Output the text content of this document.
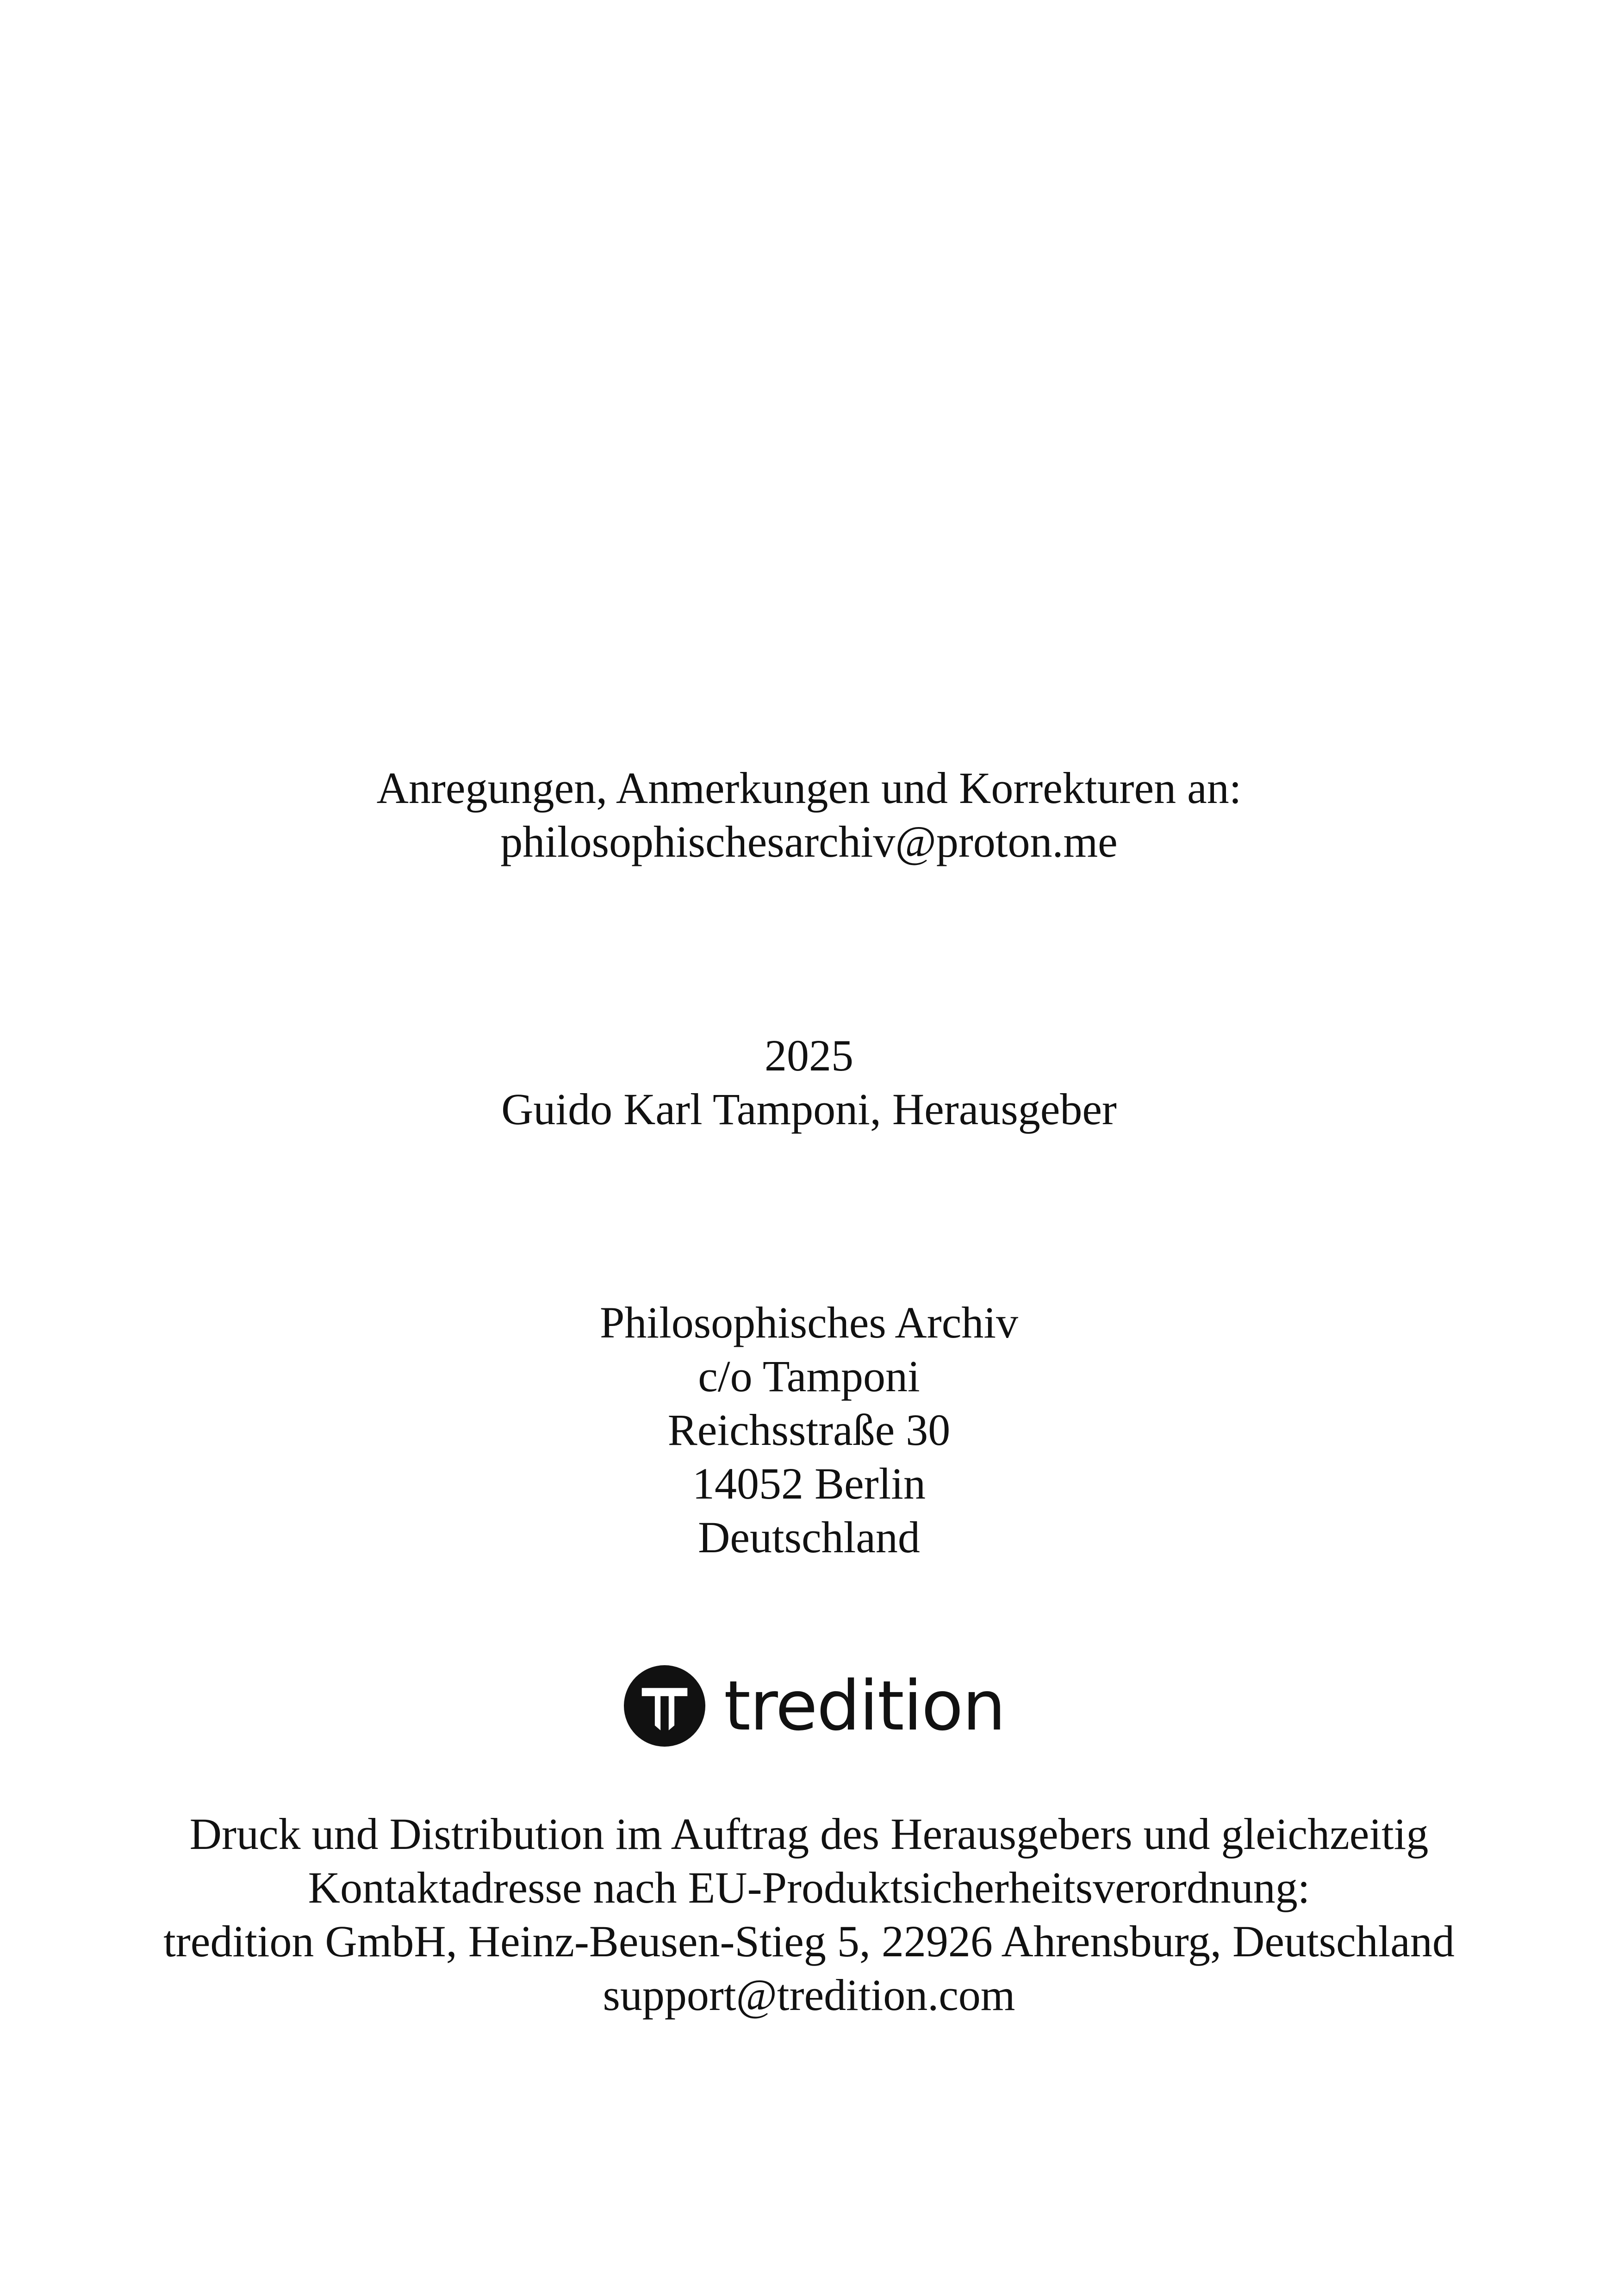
Anregungen, Anmerkungen und Korrekturen an:
philosophischesarchiv@proton.me
2025
Guido Karl Tamponi, Herausgeber
Philosophisches Archiv
c/o Tamponi
Reichsstraße 30
14052 Berlin
Deutschland
tredition
Druck und Distribution im Auftrag des Herausgebers und gleichzeitig
Kontaktadresse nach EU-Produktsicherheitsverordnung:
tredition GmbH, Heinz-Beusen-Stieg 5, 22926 Ahrensburg, Deutschland
support@tredition.com
